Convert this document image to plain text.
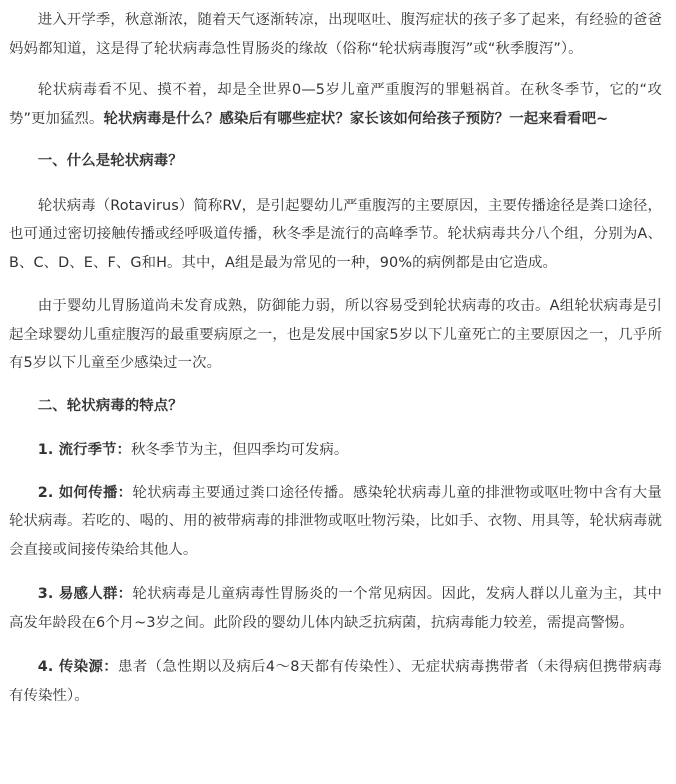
进入开学季，秋意渐浓，随着天气逐渐转凉，出现呕吐、腹泻症状的孩子多了起来，有经验的爸爸妈妈都知道，这是得了轮状病毒急性胃肠炎的缘故（俗称“轮状病毒腹泻”或“秋季腹泻”）。

轮状病毒看不见、摸不着，却是全世界0—5岁儿童严重腹泻的罪魁祸首。在秋冬季节，它的“攻势”更加猛烈。轮状病毒是什么？感染后有哪些症状？家长该如何给孩子预防？一起来看看吧~

一、什么是轮状病毒？

轮状病毒（Rotavirus）简称RV，是引起婴幼儿严重腹泻的主要原因，主要传播途径是粪口途径，也可通过密切接触传播或经呼吸道传播，秋冬季是流行的高峰季节。轮状病毒共分八个组，分别为A、B、C、D、E、F、G和H。其中，A组是最为常见的一种，90%的病例都是由它造成。

由于婴幼儿胃肠道尚未发育成熟，防御能力弱，所以容易受到轮状病毒的攻击。A组轮状病毒是引起全球婴幼儿重症腹泻的最重要病原之一，也是发展中国家5岁以下儿童死亡的主要原因之一，几乎所有5岁以下儿童至少感染过一次。

二、轮状病毒的特点？

1. 流行季节：秋冬季节为主，但四季均可发病。

2. 如何传播：轮状病毒主要通过粪口途径传播。感染轮状病毒儿童的排泄物或呕吐物中含有大量轮状病毒。若吃的、喝的、用的被带病毒的排泄物或呕吐物污染，比如手、衣物、用具等，轮状病毒就会直接或间接传染给其他人。

3. 易感人群：轮状病毒是儿童病毒性胃肠炎的一个常见病因。因此，发病人群以儿童为主，其中高发年龄段在6个月~3岁之间。此阶段的婴幼儿体内缺乏抗病菌，抗病毒能力较差，需提高警惕。

4. 传染源：患者（急性期以及病后4～8天都有传染性）、无症状病毒携带者（未得病但携带病毒有传染性）。
